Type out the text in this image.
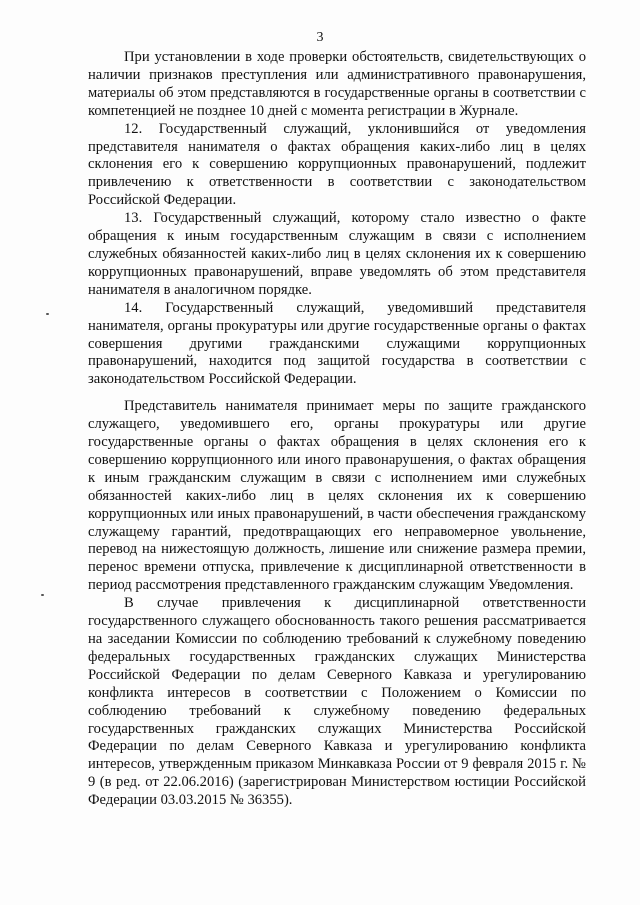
3

При установлении в ходе проверки обстоятельств, свидетельствующих о наличии признаков преступления или административного правонарушения, материалы об этом представляются в государственные органы в соответствии с компетенцией не позднее 10 дней с момента регистрации в Журнале.

12. Государственный служащий, уклонившийся от уведомления представителя нанимателя о фактах обращения каких-либо лиц в целях склонения его к совершению коррупционных правонарушений, подлежит привлечению к ответственности в соответствии с законодательством Российской Федерации.

13. Государственный служащий, которому стало известно о факте обращения к иным государственным служащим в связи с исполнением служебных обязанностей каких-либо лиц в целях склонения их к совершению коррупционных правонарушений, вправе уведомлять об этом представителя нанимателя в аналогичном порядке.

14. Государственный служащий, уведомивший представителя нанимателя, органы прокуратуры или другие государственные органы о фактах совершения другими гражданскими служащими коррупционных правонарушений, находится под защитой государства в соответствии с законодательством Российской Федерации.

Представитель нанимателя принимает меры по защите гражданского служащего, уведомившего его, органы прокуратуры или другие государственные органы о фактах обращения в целях склонения его к совершению коррупционного или иного правонарушения, о фактах обращения к иным гражданским служащим в связи с исполнением ими служебных обязанностей каких-либо лиц в целях склонения их к совершению коррупционных или иных правонарушений, в части обеспечения гражданскому служащему гарантий, предотвращающих его неправомерное увольнение, перевод на нижестоящую должность, лишение или снижение размера премии, перенос времени отпуска, привлечение к дисциплинарной ответственности в период рассмотрения представленного гражданским служащим Уведомления.

В случае привлечения к дисциплинарной ответственности государственного служащего обоснованность такого решения рассматривается на заседании Комиссии по соблюдению требований к служебному поведению федеральных государственных гражданских служащих Министерства Российской Федерации по делам Северного Кавказа и урегулированию конфликта интересов в соответствии с Положением о Комиссии по соблюдению требований к служебному поведению федеральных государственных гражданских служащих Министерства Российской Федерации по делам Северного Кавказа и урегулированию конфликта интересов, утвержденным приказом Минкавказа России от 9 февраля 2015 г. № 9 (в ред. от 22.06.2016) (зарегистрирован Министерством юстиции Российской Федерации 03.03.2015 № 36355).
